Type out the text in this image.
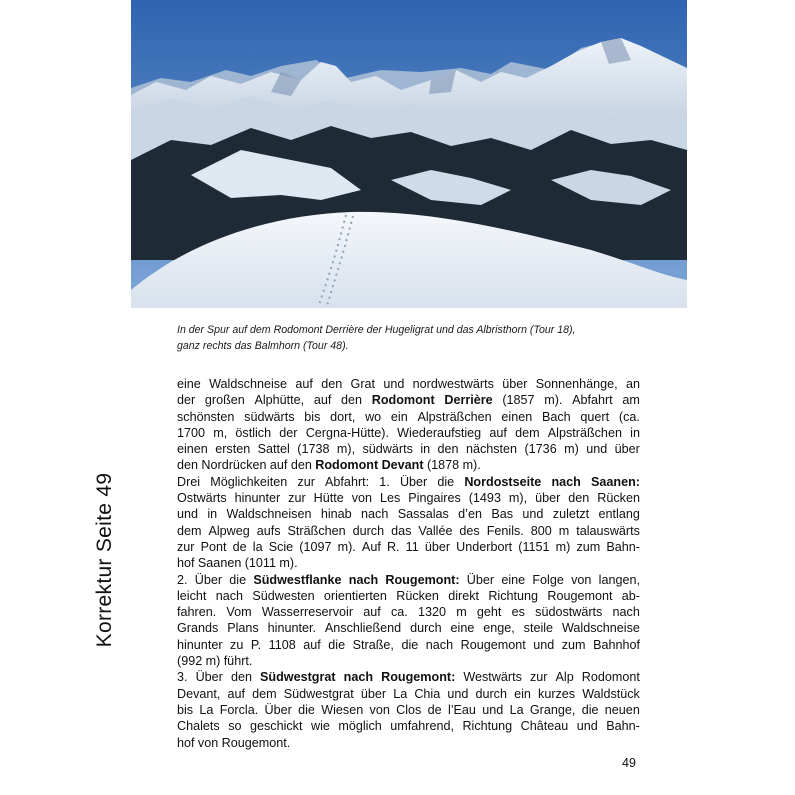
In der Spur auf dem Rodomont Derrière der Hugeligrat und das Albristhorn (Tour 18),
ganz rechts das Balmhorn (Tour 48).
Korrektur Seite 49
eine Waldschneise auf den Grat und nordwestwärts über Sonnenhänge, an
der großen Alphütte, auf den Rodomont Derrière (1857 m). Abfahrt am
schönsten südwärts bis dort, wo ein Alpsträßchen einen Bach quert (ca.
1700 m, östlich der Cergna-Hütte). Wiederaufstieg auf dem Alpsträßchen in
einen ersten Sattel (1738 m), südwärts in den nächsten (1736 m) und über
den Nordrücken auf den Rodomont Devant (1878 m).
Drei Möglichkeiten zur Abfahrt: 1. Über die Nordostseite nach Saanen:
Ostwärts hinunter zur Hütte von Les Pingaires (1493 m), über den Rücken
und in Waldschneisen hinab nach Sassalas d’en Bas und zuletzt entlang
dem Alpweg aufs Sträßchen durch das Vallée des Fenils. 800 m talauswärts
zur Pont de la Scie (1097 m). Auf R. 11 über Underbort (1151 m) zum Bahn-
hof Saanen (1011 m).
2. Über die Südwestflanke nach Rougemont: Über eine Folge von langen,
leicht nach Südwesten orientierten Rücken direkt Richtung Rougemont ab-
fahren. Vom Wasserreservoir auf ca. 1320 m geht es südostwärts nach
Grands Plans hinunter. Anschließend durch eine enge, steile Waldschneise
hinunter zu P. 1108 auf die Straße, die nach Rougemont und zum Bahnhof
(992 m) führt.
3. Über den Südwestgrat nach Rougemont: Westwärts zur Alp Rodomont
Devant, auf dem Südwestgrat über La Chia und durch ein kurzes Waldstück
bis La Forcla. Über die Wiesen von Clos de l’Eau und La Grange, die neuen
Chalets so geschickt wie möglich umfahrend, Richtung Château und Bahn-
hof von Rougemont.
49
